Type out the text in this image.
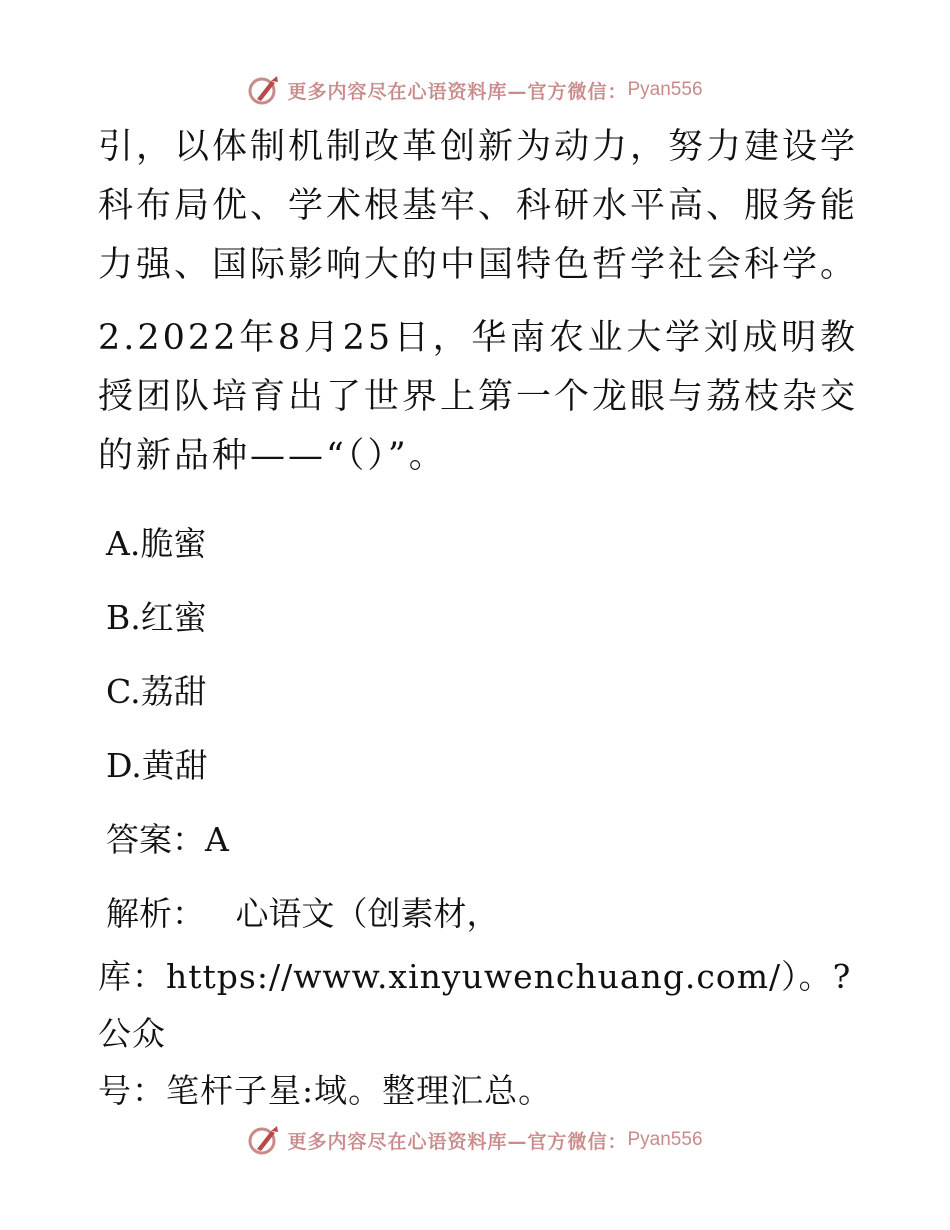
更多内容尽在心语资料库—官方微信： Pyan556

引，以体制机制改革创新为动力，努力建设学科布局优、学术根基牢、科研水平高、服务能力强、国际影响大的中国特色哲学社会科学。

2.2022年8月25日，华南农业大学刘成明教授团队培育出了世界上第一个龙眼与荔枝杂交的新品种——“（）”。

A.脆蜜

B.红蜜

C.荔甜

D.黄甜

答案：A

解析： 心语文（创素材，

库：https://www.xinyuwenchuang.com/）。?公众

号：笔杆子星:域。整理汇总。

更多内容尽在心语资料库—官方微信： Pyan556
